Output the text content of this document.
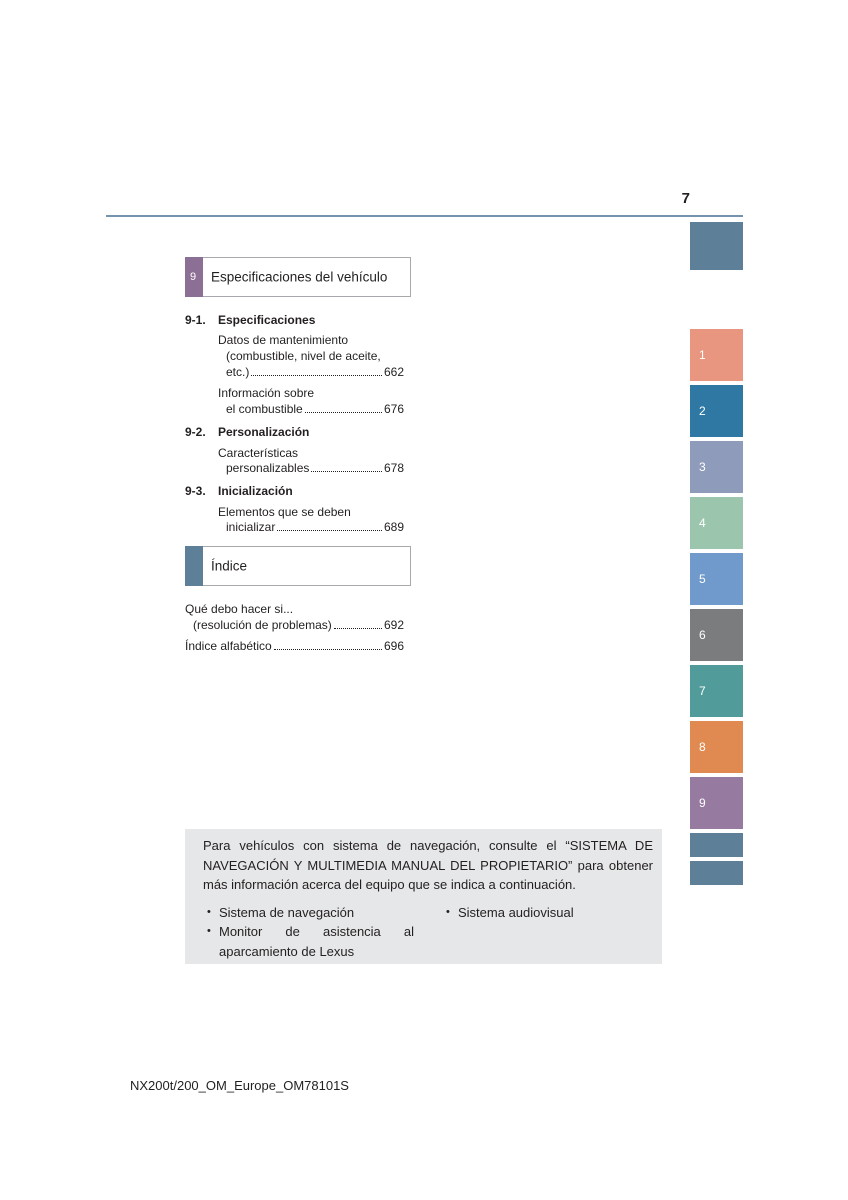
7
1
2
3
4
5
6
7
8
9
9 Especificaciones del vehículo
9-1. Especificaciones
Datos de mantenimiento
(combustible, nivel de aceite,
etc.)	662
Información sobre
el combustible	676
9-2. Personalización
Características
personalizables	678
9-3. Inicialización
Elementos que se deben
inicializar	689
Índice
Qué debo hacer si...
(resolución de problemas)	692
Índice alfabético	696
Para vehículos con sistema de navegación, consulte el “SISTEMA DE NAVEGACIÓN Y MULTIMEDIA MANUAL DEL PROPIETARIO” para obtener más información acerca del equipo que se indica a continuación.
• Sistema de navegación
• Monitor de asistencia al aparcamiento de Lexus
• Sistema audiovisual
NX200t/200_OM_Europe_OM78101S
